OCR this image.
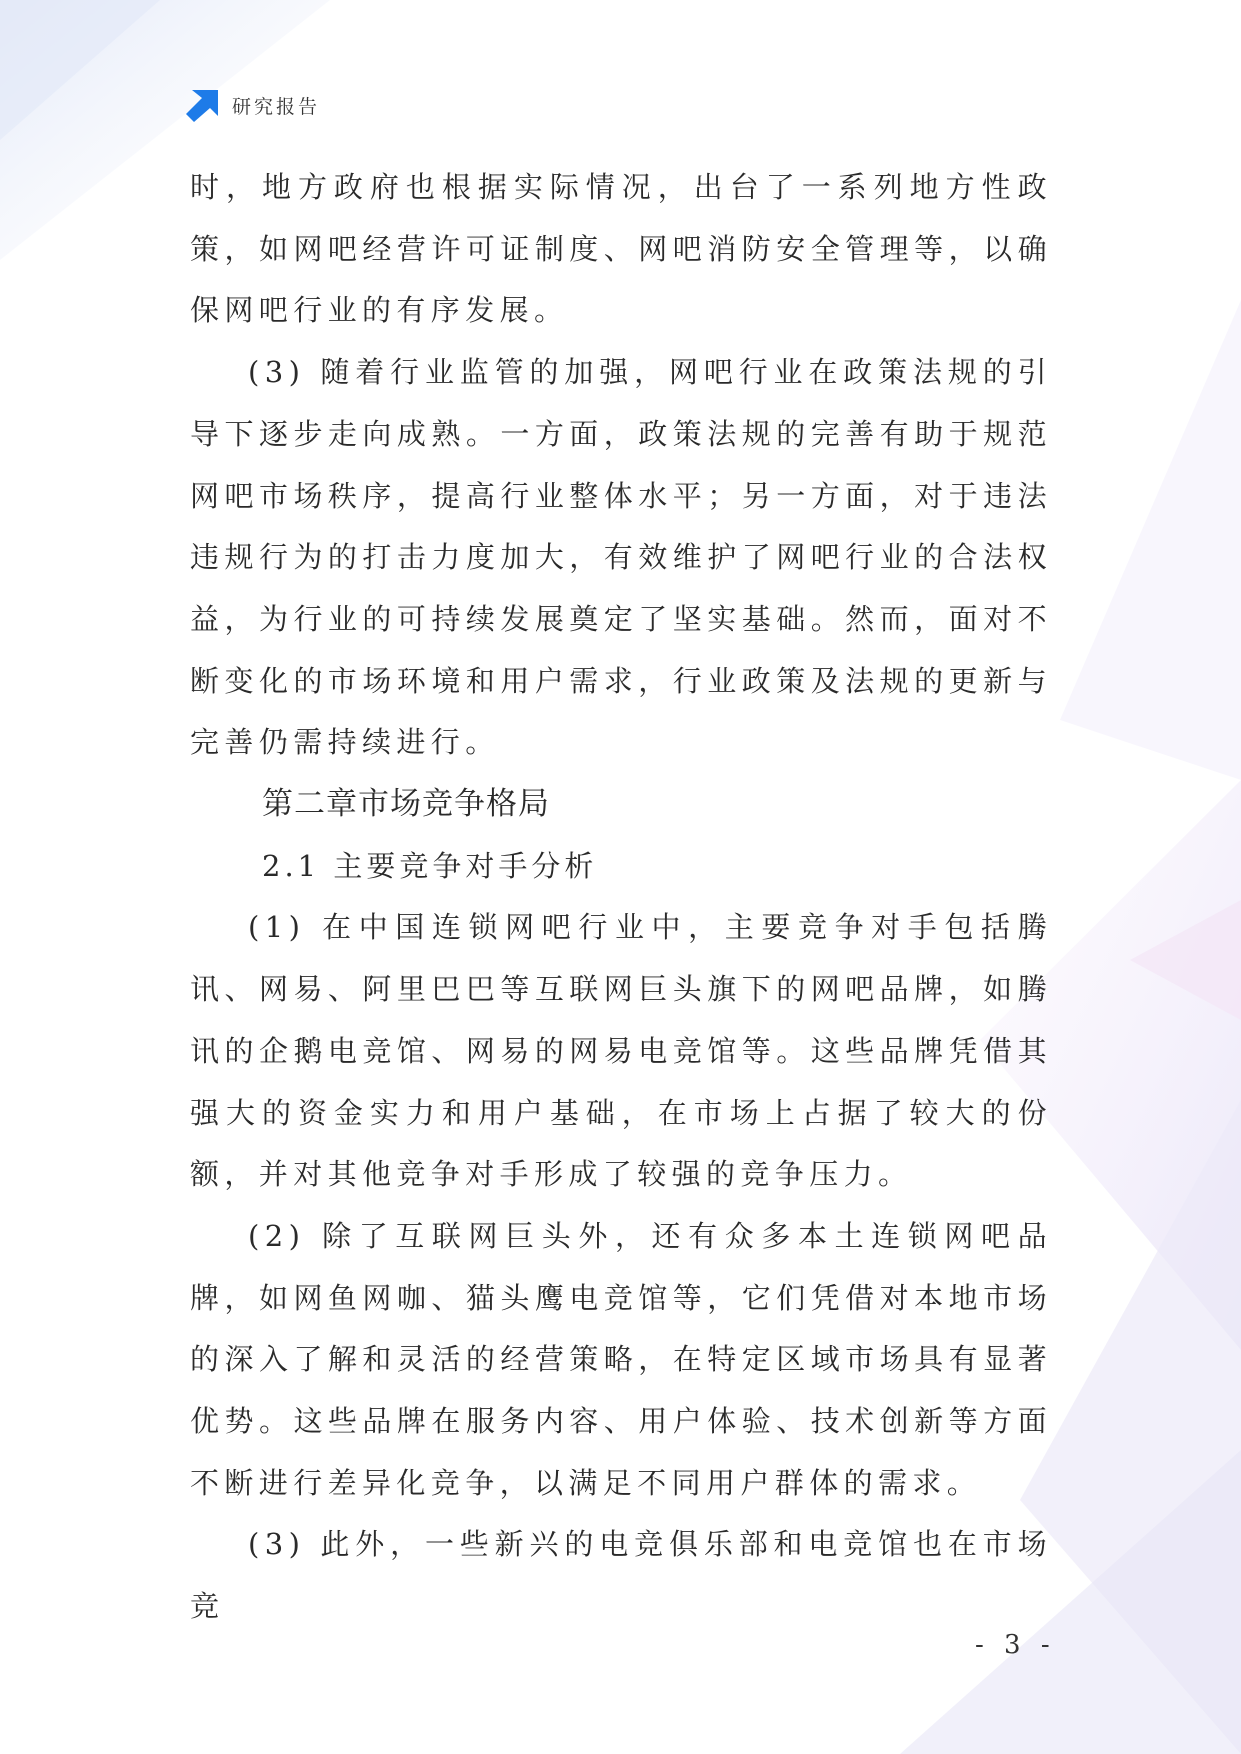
研究报告

时，地方政府也根据实际情况，出台了一系列地方性政策，如网吧经营许可证制度、网吧消防安全管理等，以确保网吧行业的有序发展。

(3) 随着行业监管的加强，网吧行业在政策法规的引导下逐步走向成熟。一方面，政策法规的完善有助于规范网吧市场秩序，提高行业整体水平；另一方面，对于违法违规行为的打击力度加大，有效维护了网吧行业的合法权益，为行业的可持续发展奠定了坚实基础。然而，面对不断变化的市场环境和用户需求，行业政策及法规的更新与完善仍需持续进行。

第二章市场竞争格局

2.1 主要竞争对手分析

(1) 在中国连锁网吧行业中，主要竞争对手包括腾讯、网易、阿里巴巴等互联网巨头旗下的网吧品牌，如腾讯的企鹅电竞馆、网易的网易电竞馆等。这些品牌凭借其强大的资金实力和用户基础，在市场上占据了较大的份额，并对其他竞争对手形成了较强的竞争压力。

(2) 除了互联网巨头外，还有众多本土连锁网吧品牌，如网鱼网咖、猫头鹰电竞馆等，它们凭借对本地市场的深入了解和灵活的经营策略，在特定区域市场具有显著优势。这些品牌在服务内容、用户体验、技术创新等方面不断进行差异化竞争，以满足不同用户群体的需求。

(3) 此外，一些新兴的电竞俱乐部和电竞馆也在市场竞

- 3 -
